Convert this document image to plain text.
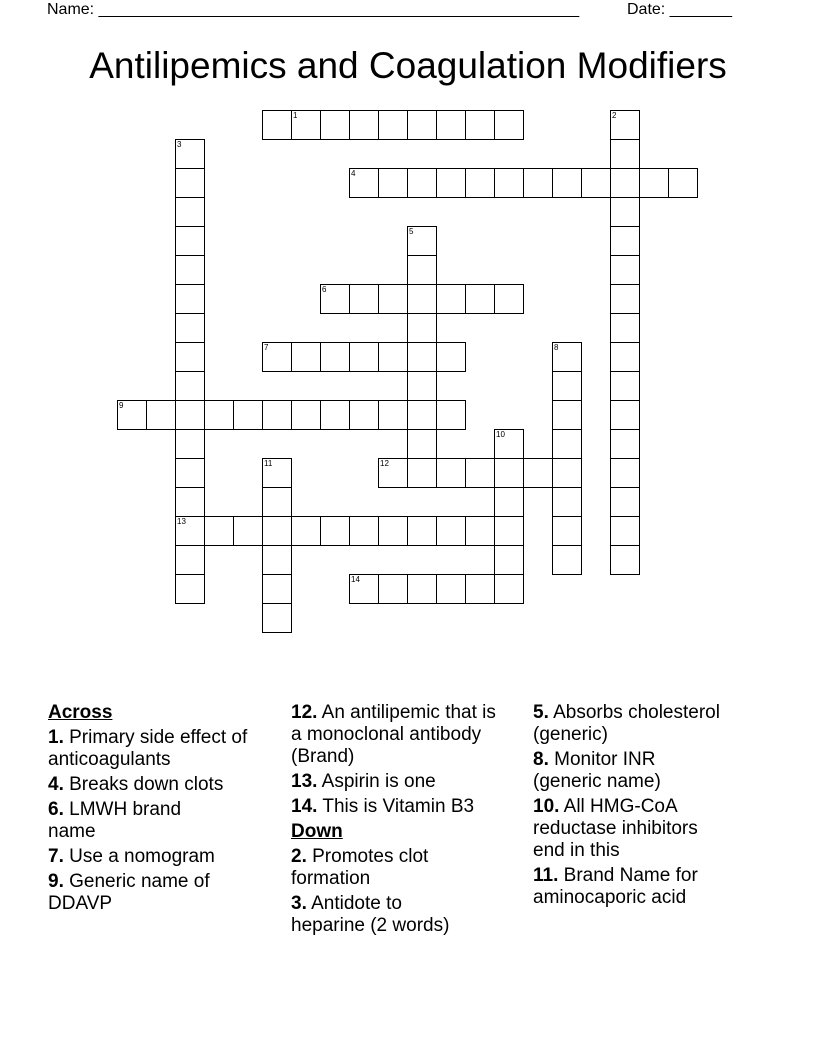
Name: ______________________________________________________	Date: _______
Antilipemics and Coagulation Modifiers
1	2
3
4
5
6
7	8
9
10
11	12
13
14
Across
1. Primary side effect of anticoagulants
4. Breaks down clots
6. LMWH brand name
7. Use a nomogram
9. Generic name of DDAVP
12. An antilipemic that is a monoclonal antibody (Brand)
13. Aspirin is one
14. This is Vitamin B3
Down
2. Promotes clot formation
3. Antidote to heparine (2 words)
5. Absorbs cholesterol (generic)
8. Monitor INR (generic name)
10. All HMG-CoA reductase inhibitors end in this
11. Brand Name for aminocaporic acid
